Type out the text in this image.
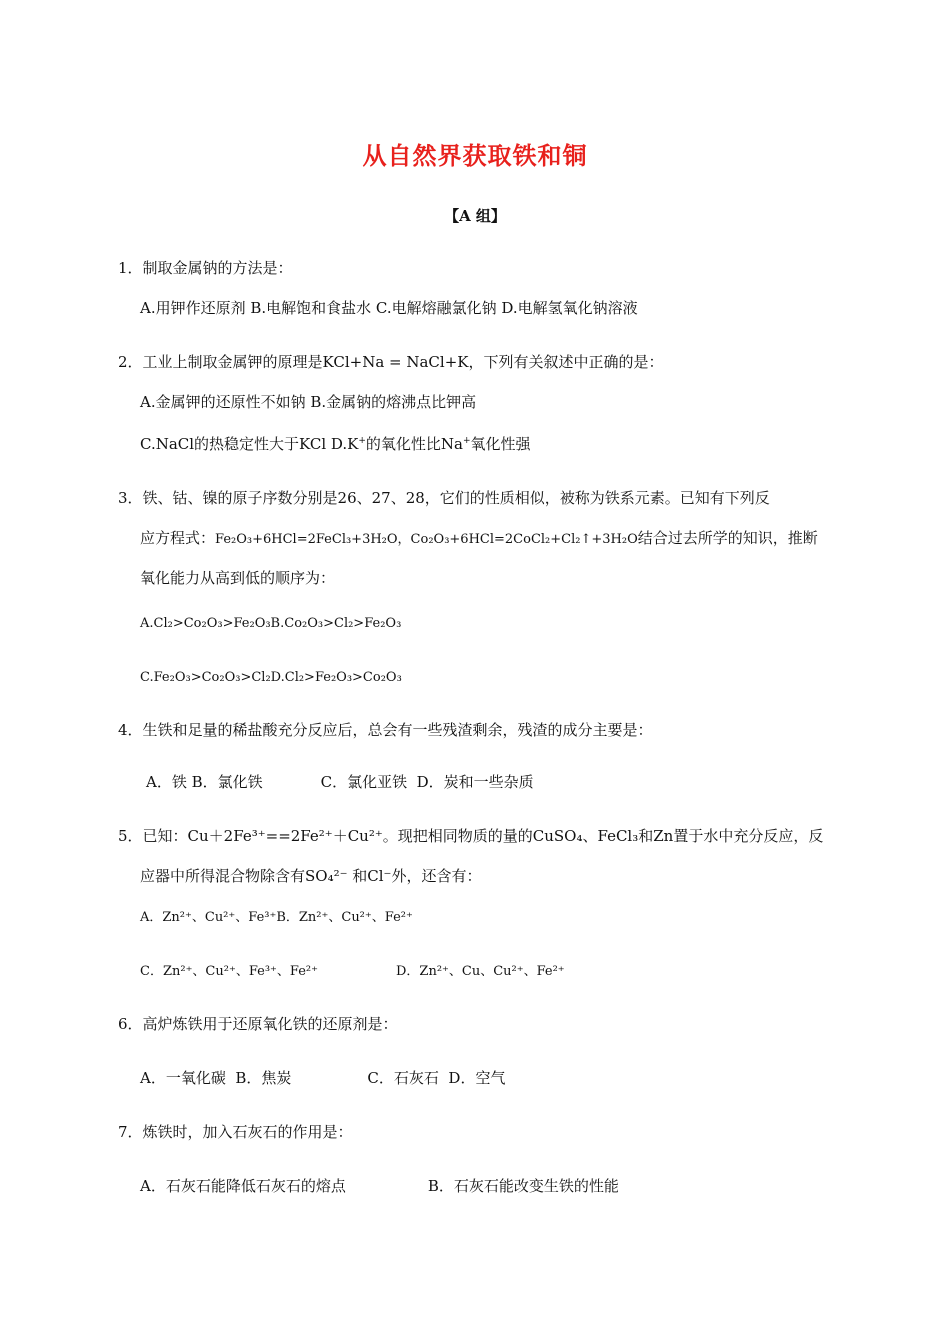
从自然界获取铁和铜
【A 组】
1．制取金属钠的方法是：
A.用钾作还原剂 B.电解饱和食盐水 C.电解熔融氯化钠 D.电解氢氧化钠溶液
2．工业上制取金属钾的原理是KCl+Na = NaCl+K，下列有关叙述中正确的是：
A.金属钾的还原性不如钠 B.金属钠的熔沸点比钾高
C.NaCl的热稳定性大于KCl D.K+的氧化性比Na+氧化性强
3．铁、钴、镍的原子序数分别是26、27、28，它们的性质相似，被称为铁系元素。已知有下列反
应方程式：Fe₂O₃+6HCl=2FeCl₃+3H₂O，Co₂O₃+6HCl=2CoCl₂+Cl₂↑+3H₂O结合过去所学的知识，推断
氧化能力从高到低的顺序为：
A.Cl₂>Co₂O₃>Fe₂O₃B.Co₂O₃>Cl₂>Fe₂O₃
C.Fe₂O₃>Co₂O₃>Cl₂D.Cl₂>Fe₂O₃>Co₂O₃
4．生铁和足量的稀盐酸充分反应后，总会有一些残渣剩余，残渣的成分主要是：
A．铁 B．氯化铁	C．氯化亚铁  D．炭和一些杂质
5．已知：Cu＋2Fe³⁺==2Fe²⁺＋Cu²⁺。现把相同物质的量的CuSO₄、FeCl₃和Zn置于水中充分反应，反
应器中所得混合物除含有SO₄²⁻ 和Cl⁻外，还含有：
A．Zn²⁺、Cu²⁺、Fe³⁺B．Zn²⁺、Cu²⁺、Fe²⁺
C．Zn²⁺、Cu²⁺、Fe³⁺、Fe²⁺	D．Zn²⁺、Cu、Cu²⁺、Fe²⁺
6．高炉炼铁用于还原氧化铁的还原剂是：
A．一氧化碳  B．焦炭	C．石灰石  D．空气
7．炼铁时，加入石灰石的作用是：
A．石灰石能降低石灰石的熔点	B．石灰石能改变生铁的性能
